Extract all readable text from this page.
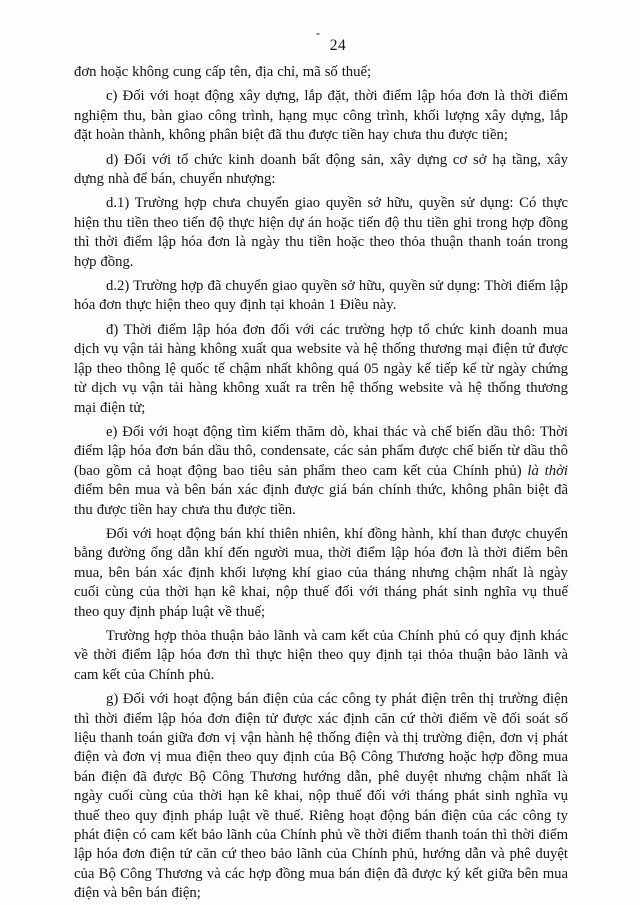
24

đơn hoặc không cung cấp tên, địa chỉ, mã số thuế;

c) Đối với hoạt động xây dựng, lắp đặt, thời điểm lập hóa đơn là thời điểm nghiệm thu, bàn giao công trình, hạng mục công trình, khối lượng xây dựng, lắp đặt hoàn thành, không phân biệt đã thu được tiền hay chưa thu được tiền;

d) Đối với tổ chức kinh doanh bất động sản, xây dựng cơ sở hạ tầng, xây dựng nhà để bán, chuyển nhượng:

d.1) Trường hợp chưa chuyển giao quyền sở hữu, quyền sử dụng: Có thực hiện thu tiền theo tiến độ thực hiện dự án hoặc tiến độ thu tiền ghi trong hợp đồng thì thời điểm lập hóa đơn là ngày thu tiền hoặc theo thỏa thuận thanh toán trong hợp đồng.

d.2) Trường hợp đã chuyển giao quyền sở hữu, quyền sử dụng: Thời điểm lập hóa đơn thực hiện theo quy định tại khoản 1 Điều này.

đ) Thời điểm lập hóa đơn đối với các trường hợp tổ chức kinh doanh mua dịch vụ vận tải hàng không xuất qua website và hệ thống thương mại điện tử được lập theo thông lệ quốc tế chậm nhất không quá 05 ngày kế tiếp kể từ ngày chứng từ dịch vụ vận tải hàng không xuất ra trên hệ thống website và hệ thống thương mại điện tử;

e) Đối với hoạt động tìm kiếm thăm dò, khai thác và chế biến dầu thô: Thời điểm lập hóa đơn bán dầu thô, condensate, các sản phẩm được chế biến từ dầu thô (bao gồm cả hoạt động bao tiêu sản phẩm theo cam kết của Chính phủ) là thời điểm bên mua và bên bán xác định được giá bán chính thức, không phân biệt đã thu được tiền hay chưa thu được tiền.

Đối với hoạt động bán khí thiên nhiên, khí đồng hành, khí than được chuyển bằng đường ống dẫn khí đến người mua, thời điểm lập hóa đơn là thời điểm bên mua, bên bán xác định khối lượng khí giao của tháng nhưng chậm nhất là ngày cuối cùng của thời hạn kê khai, nộp thuế đối với tháng phát sinh nghĩa vụ thuế theo quy định pháp luật về thuế;

Trường hợp thỏa thuận bảo lãnh và cam kết của Chính phủ có quy định khác về thời điểm lập hóa đơn thì thực hiện theo quy định tại thỏa thuận bảo lãnh và cam kết của Chính phủ.

g) Đối với hoạt động bán điện của các công ty phát điện trên thị trường điện thì thời điểm lập hóa đơn điện tử được xác định căn cứ thời điểm về đối soát số liệu thanh toán giữa đơn vị vận hành hệ thống điện và thị trường điện, đơn vị phát điện và đơn vị mua điện theo quy định của Bộ Công Thương hoặc hợp đồng mua bán điện đã được Bộ Công Thương hướng dẫn, phê duyệt nhưng chậm nhất là ngày cuối cùng của thời hạn kê khai, nộp thuế đối với tháng phát sinh nghĩa vụ thuế theo quy định pháp luật về thuế. Riêng hoạt động bán điện của các công ty phát điện có cam kết bảo lãnh của Chính phủ về thời điểm thanh toán thì thời điểm lập hóa đơn điện tử căn cứ theo bảo lãnh của Chính phủ, hướng dẫn và phê duyệt của Bộ Công Thương và các hợp đồng mua bán điện đã được ký kết giữa bên mua điện và bên bán điện;
